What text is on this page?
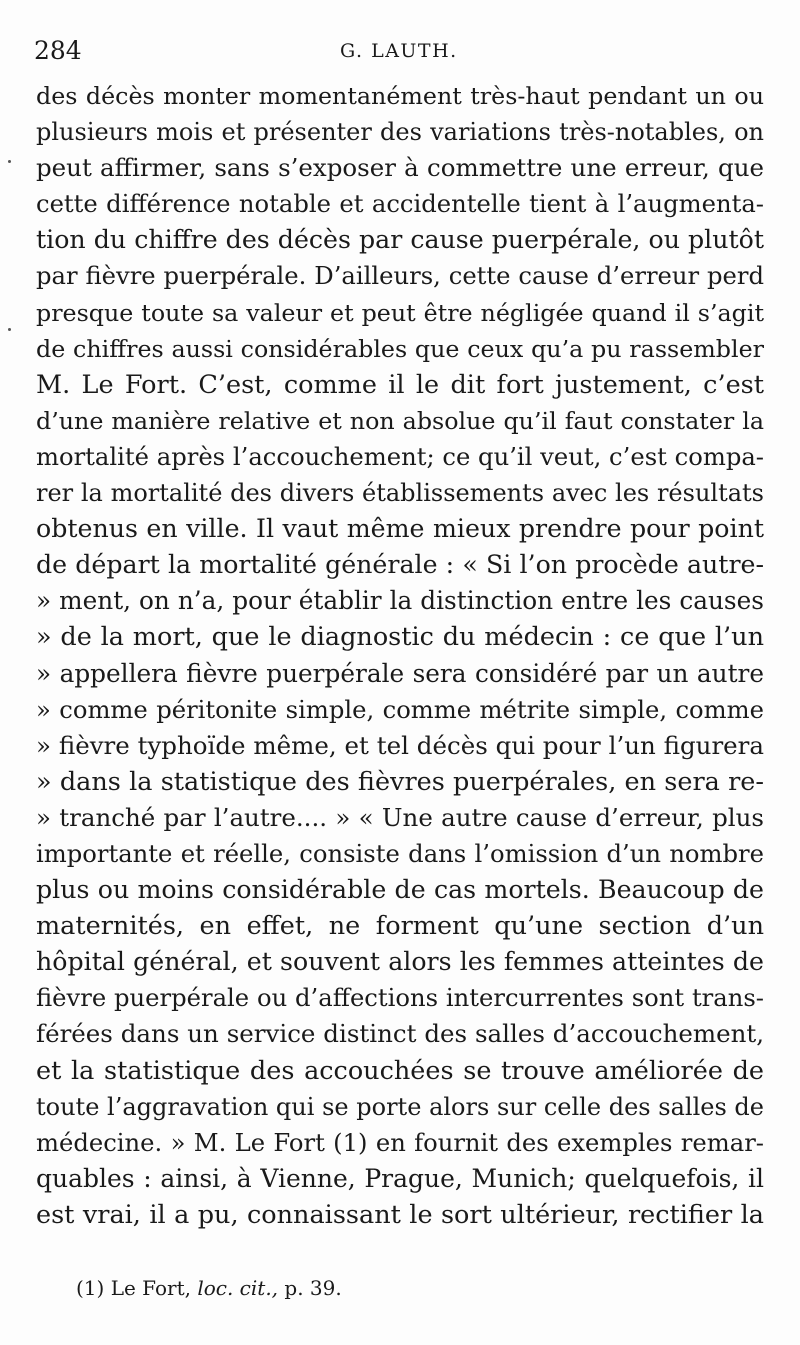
284	G. LAUTH.
des décès monter momentanément très-haut pendant un ou
plusieurs mois et présenter des variations très-notables, on
peut affirmer, sans s’exposer à commettre une erreur, que
cette différence notable et accidentelle tient à l’augmenta-
tion du chiffre des décès par cause puerpérale, ou plutôt
par fièvre puerpérale. D’ailleurs, cette cause d’erreur perd
presque toute sa valeur et peut être négligée quand il s’agit
de chiffres aussi considérables que ceux qu’a pu rassembler
M. Le Fort. C’est, comme il le dit fort justement, c’est
d’une manière relative et non absolue qu’il faut constater la
mortalité après l’accouchement; ce qu’il veut, c’est compa-
rer la mortalité des divers établissements avec les résultats
obtenus en ville. Il vaut même mieux prendre pour point
de départ la mortalité générale : « Si l’on procède autre-
» ment, on n’a, pour établir la distinction entre les causes
» de la mort, que le diagnostic du médecin : ce que l’un
» appellera fièvre puerpérale sera considéré par un autre
» comme péritonite simple, comme métrite simple, comme
» fièvre typhoïde même, et tel décès qui pour l’un figurera
» dans la statistique des fièvres puerpérales, en sera re-
» tranché par l’autre.... » « Une autre cause d’erreur, plus
importante et réelle, consiste dans l’omission d’un nombre
plus ou moins considérable de cas mortels. Beaucoup de
maternités, en effet, ne forment qu’une section d’un
hôpital général, et souvent alors les femmes atteintes de
fièvre puerpérale ou d’affections intercurrentes sont trans-
férées dans un service distinct des salles d’accouchement,
et la statistique des accouchées se trouve améliorée de
toute l’aggravation qui se porte alors sur celle des salles de
médecine. » M. Le Fort (1) en fournit des exemples remar-
quables : ainsi, à Vienne, Prague, Munich; quelquefois, il
est vrai, il a pu, connaissant le sort ultérieur, rectifier la
(1) Le Fort, loc. cit., p. 39.
